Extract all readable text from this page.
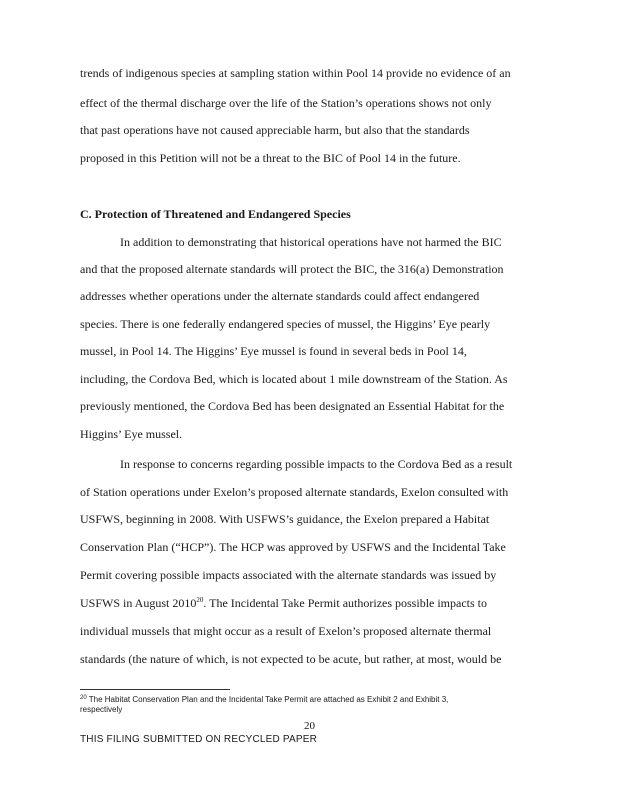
trends of indigenous species at sampling station within Pool 14 provide no evidence of an

effect of the thermal discharge over the life of the Station’s operations shows not only

that past operations have not caused appreciable harm, but also that the standards

proposed in this Petition will not be a threat to the BIC of Pool 14 in the future.

C. Protection of Threatened and Endangered Species

In addition to demonstrating that historical operations have not harmed the BIC

and that the proposed alternate standards will protect the BIC, the 316(a) Demonstration

addresses whether operations under the alternate standards could affect endangered

species. There is one federally endangered species of mussel, the Higgins’ Eye pearly

mussel, in Pool 14. The Higgins’ Eye mussel is found in several beds in Pool 14,

including, the Cordova Bed, which is located about 1 mile downstream of the Station. As

previously mentioned, the Cordova Bed has been designated an Essential Habitat for the

Higgins’ Eye mussel.

In response to concerns regarding possible impacts to the Cordova Bed as a result

of Station operations under Exelon’s proposed alternate standards, Exelon consulted with

USFWS, beginning in 2008. With USFWS’s guidance, the Exelon prepared a Habitat

Conservation Plan (“HCP”). The HCP was approved by USFWS and the Incidental Take

Permit covering possible impacts associated with the alternate standards was issued by

USFWS in August 2010$^{20}$. The Incidental Take Permit authorizes possible impacts to

individual mussels that might occur as a result of Exelon’s proposed alternate thermal

standards (the nature of which, is not expected to be acute, but rather, at most, would be

$^{20}$ The Habitat Conservation Plan and the Incidental Take Permit are attached as Exhibit 2 and Exhibit 3,

respectively

20
THIS FILING SUBMITTED ON RECYCLED PAPER
